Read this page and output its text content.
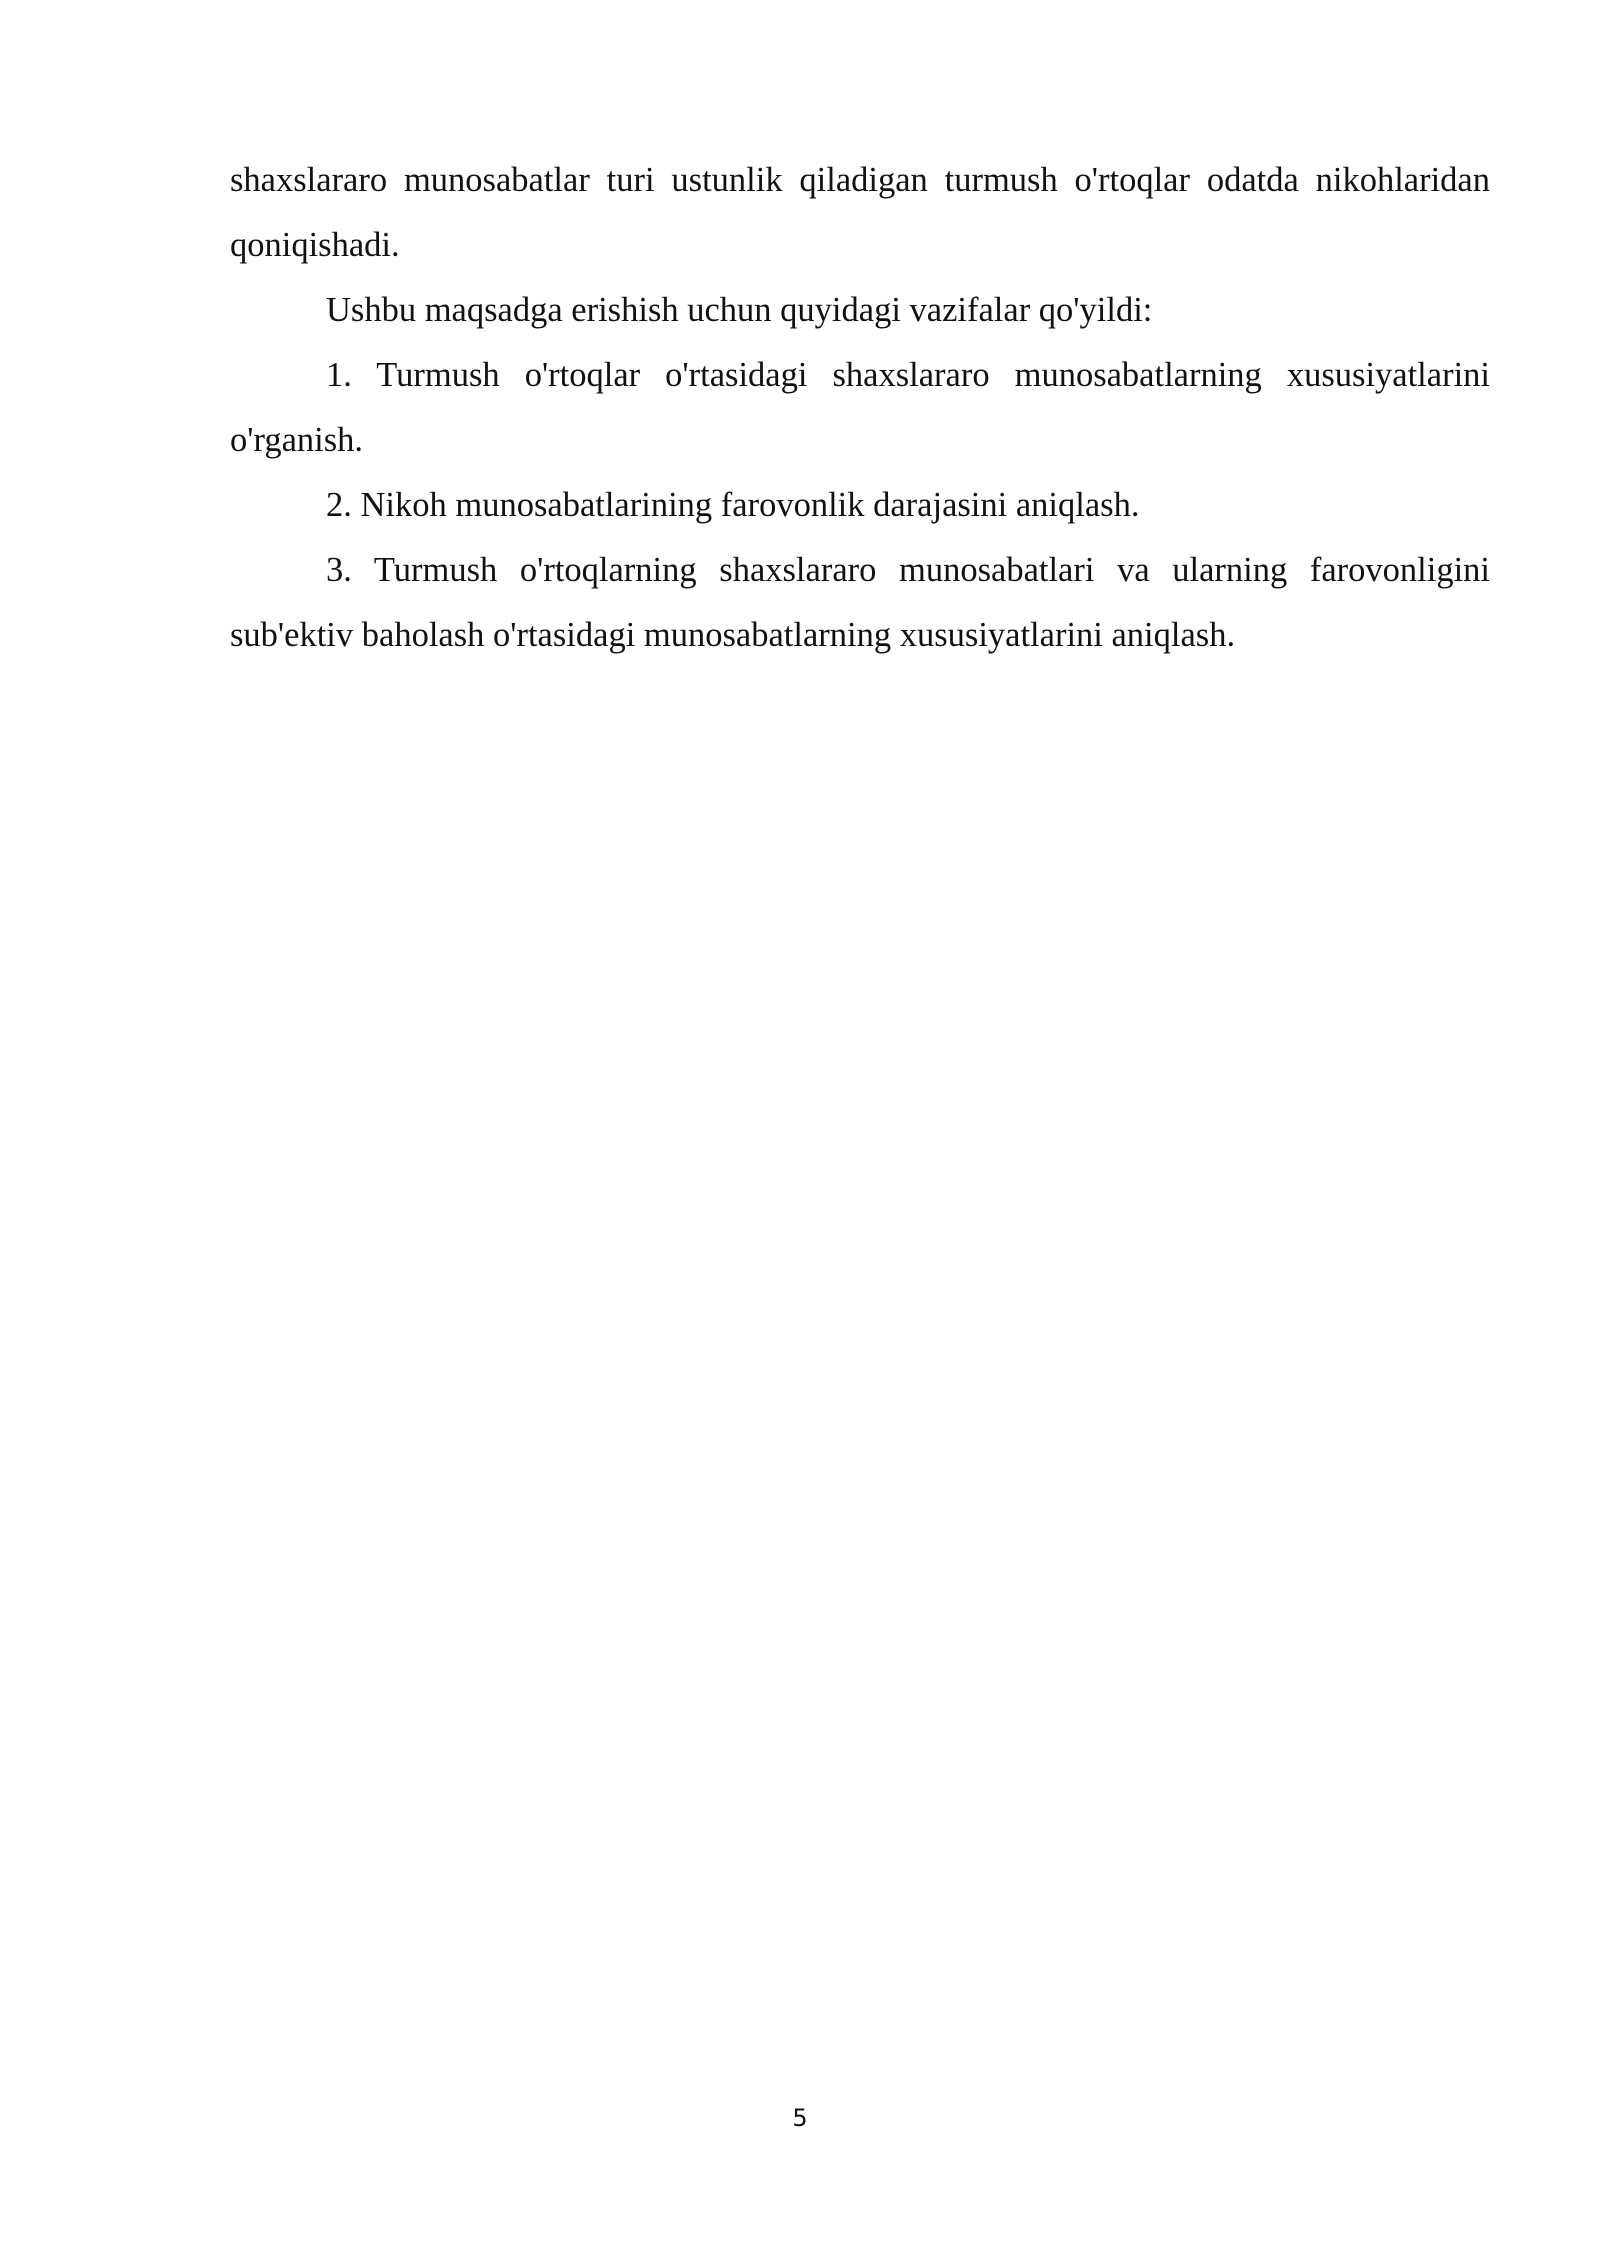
shaxslararo munosabatlar turi ustunlik qiladigan turmush o'rtoqlar odatda nikohlaridan qoniqishadi.

Ushbu maqsadga erishish uchun quyidagi vazifalar qo'yildi:

1. Turmush o'rtoqlar o'rtasidagi shaxslararo munosabatlarning xususiyatlarini o'rganish.

2. Nikoh munosabatlarining farovonlik darajasini aniqlash.

3. Turmush o'rtoqlarning shaxslararo munosabatlari va ularning farovonligini sub'ektiv baholash o'rtasidagi munosabatlarning xususiyatlarini aniqlash.

5
